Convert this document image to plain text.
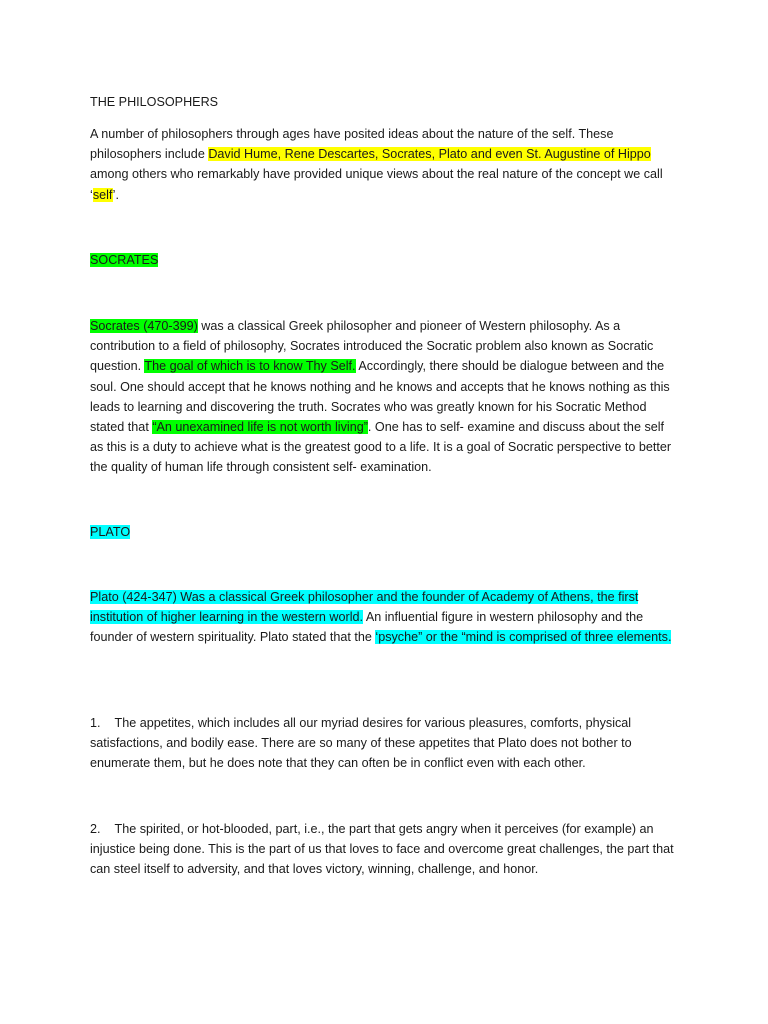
THE PHILOSOPHERS

A number of philosophers through ages have posited ideas about the nature of the self. These philosophers include David Hume, Rene Descartes, Socrates, Plato and even St. Augustine of Hippo among others who remarkably have provided unique views about the real nature of the concept we call ‘self’.

SOCRATES

Socrates (470-399) was a classical Greek philosopher and pioneer of Western philosophy. As a contribution to a field of philosophy, Socrates introduced the Socratic problem also known as Socratic question. The goal of which is to know Thy Self. Accordingly, there should be dialogue between and the soul. One should accept that he knows nothing and he knows and accepts that he knows nothing as this leads to learning and discovering the truth. Socrates who was greatly known for his Socratic Method stated that “An unexamined life is not worth living”. One has to self- examine and discuss about the self as this is a duty to achieve what is the greatest good to a life. It is a goal of Socratic perspective to better the quality of human life through consistent self- examination.

PLATO

Plato (424-347) Was a classical Greek philosopher and the founder of Academy of Athens, the first institution of higher learning in the western world. An influential figure in western philosophy and the founder of western spirituality. Plato stated that the ‘psyche” or the “mind is comprised of three elements.

1. The appetites, which includes all our myriad desires for various pleasures, comforts, physical satisfactions, and bodily ease. There are so many of these appetites that Plato does not bother to enumerate them, but he does note that they can often be in conflict even with each other.

2. The spirited, or hot-blooded, part, i.e., the part that gets angry when it perceives (for example) an injustice being done. This is the part of us that loves to face and overcome great challenges, the part that can steel itself to adversity, and that loves victory, winning, challenge, and honor.
